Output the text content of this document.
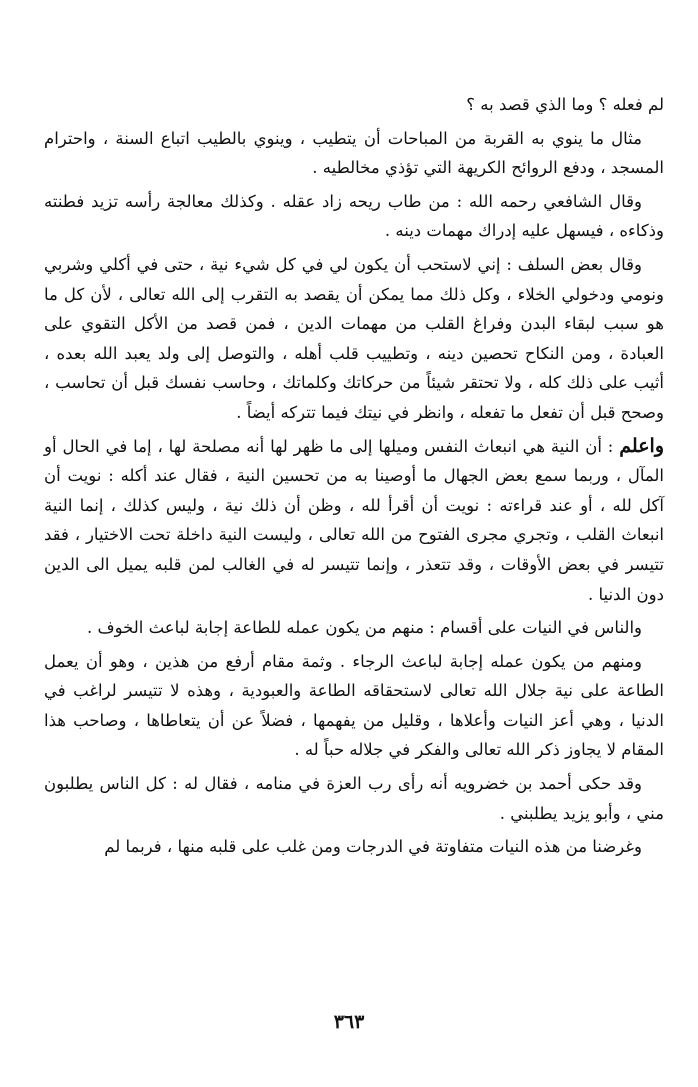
لم فعله ؟ وما الذي قصد به ؟

مثال ما ينوي به القربة من المباحات أن يتطيب ، وينوي بالطيب اتباع السنة ، واحترام المسجد ، ودفع الروائح الكريهة التي تؤذي مخالطيه .

وقال الشافعي رحمه الله : من طاب ريحه زاد عقله . وكذلك معالجة رأسه تزيد فطنته وذكاءه ، فيسهل عليه إدراك مهمات دينه .

وقال بعض السلف : إني لاستحب أن يكون لي في كل شيء نية ، حتى في أكلي وشربي ونومي ودخولي الخلاء ، وكل ذلك مما يمكن أن يقصد به التقرب إلى الله تعالى ، لأن كل ما هو سبب لبقاء البدن وفراغ القلب من مهمات الدين ، فمن قصد من الأكل التقوي على العبادة ، ومن النكاح تحصين دينه ، وتطييب قلب أهله ، والتوصل إلى ولد يعبد الله بعده ، أثيب على ذلك كله ، ولا تحتقر شيئاً من حركاتك وكلماتك ، وحاسب نفسك قبل أن تحاسب ، وصحح قبل أن تفعل ما تفعله ، وانظر في نيتك فيما تتركه أيضاً .

واعلم : أن النية هي انبعاث النفس وميلها إلى ما ظهر لها أنه مصلحة لها ، إما في الحال أو المآل ، وربما سمع بعض الجهال ما أوصينا به من تحسين النية ، فقال عند أكله : نويت أن آكل لله ، أو عند قراءته : نويت أن أقرأ لله ، وظن أن ذلك نية ، وليس كذلك ، إنما النية انبعاث القلب ، وتجري مجرى الفتوح من الله تعالى ، وليست النية داخلة تحت الاختيار ، فقد تتيسر في بعض الأوقات ، وقد تتعذر ، وإنما تتيسر له في الغالب لمن قلبه يميل الى الدين دون الدنيا .

والناس في النيات على أقسام : منهم من يكون عمله للطاعة إجابة لباعث الخوف .

ومنهم من يكون عمله إجابة لباعث الرجاء . وثمة مقام أرفع من هذين ، وهو أن يعمل الطاعة على نية جلال الله تعالى لاستحقاقه الطاعة والعبودية ، وهذه لا تتيسر لراغب في الدنيا ، وهي أعز النيات وأعلاها ، وقليل من يفهمها ، فضلاً عن أن يتعاطاها ، وصاحب هذا المقام لا يجاوز ذكر الله تعالى والفكر في جلاله حباً له .

وقد حكى أحمد بن خضرويه أنه رأى رب العزة في منامه ، فقال له : كل الناس يطلبون مني ، وأبو يزيد يطلبني .

وغرضنا من هذه النيات متفاوتة في الدرجات ومن غلب على قلبه منها ، فربما لم

٣٦٣
